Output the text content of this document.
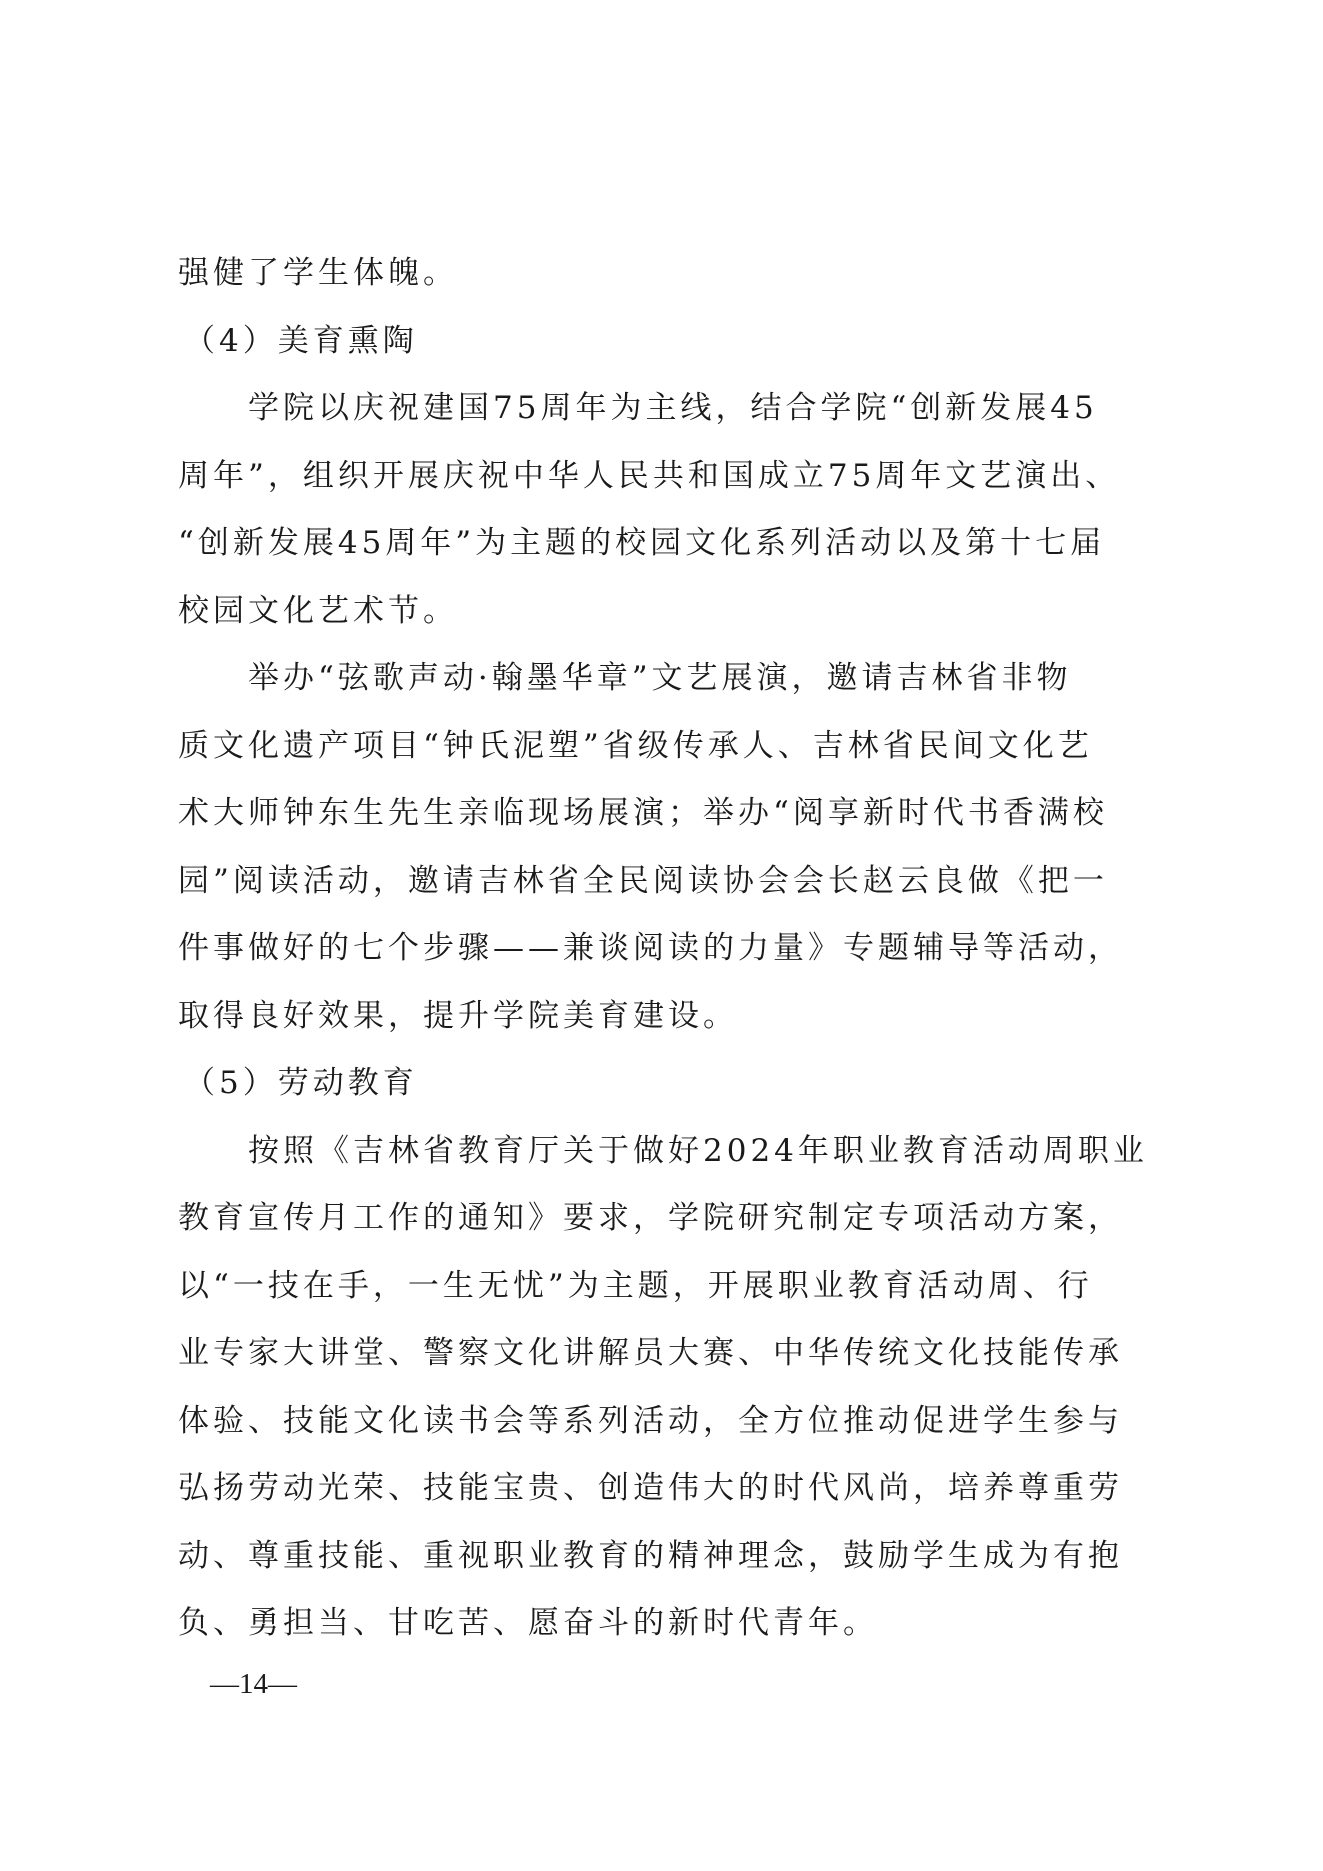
强健了学生体魄。
（4）美育熏陶
学院以庆祝建国75周年为主线，结合学院“创新发展45
周年”，组织开展庆祝中华人民共和国成立75周年文艺演出、
“创新发展45周年”为主题的校园文化系列活动以及第十七届
校园文化艺术节。
举办“弦歌声动·翰墨华章”文艺展演，邀请吉林省非物
质文化遗产项目“钟氏泥塑”省级传承人、吉林省民间文化艺
术大师钟东生先生亲临现场展演；举办“阅享新时代书香满校
园”阅读活动，邀请吉林省全民阅读协会会长赵云良做《把一
件事做好的七个步骤——兼谈阅读的力量》专题辅导等活动，
取得良好效果，提升学院美育建设。
（5）劳动教育
按照《吉林省教育厅关于做好2024年职业教育活动周职业
教育宣传月工作的通知》要求，学院研究制定专项活动方案，
以“一技在手，一生无忧”为主题，开展职业教育活动周、行
业专家大讲堂、警察文化讲解员大赛、中华传统文化技能传承
体验、技能文化读书会等系列活动，全方位推动促进学生参与
弘扬劳动光荣、技能宝贵、创造伟大的时代风尚，培养尊重劳
动、尊重技能、重视职业教育的精神理念，鼓励学生成为有抱
负、勇担当、甘吃苦、愿奋斗的新时代青年。
—14—
